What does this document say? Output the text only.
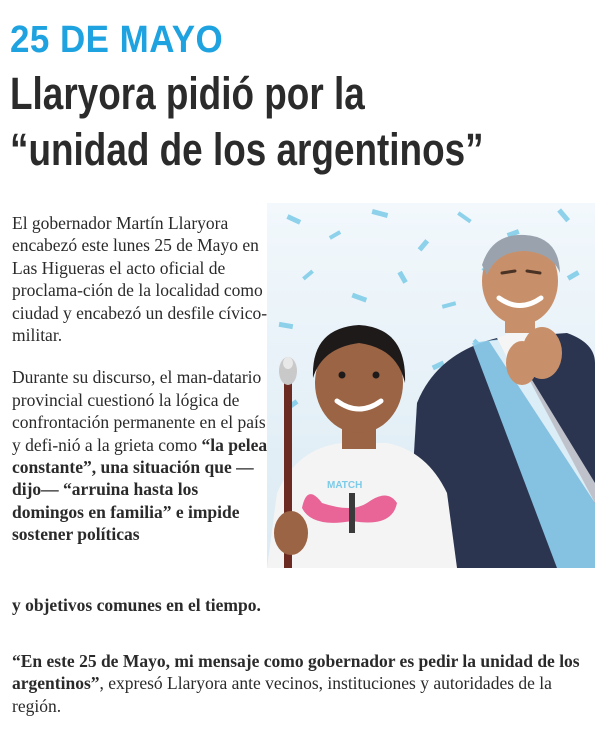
25 DE MAYO
Llaryora pidió por la
“unidad de los argentinos”

El gobernador Martín Llaryora encabezó este lunes 25 de Mayo en Las Higueras el acto oficial de proclama-ción de la localidad como ciudad y encabezó un desfile cívico- militar.

Durante su discurso, el man-datario provincial cuestionó la lógica de confrontación permanente en el país y defi-nió a la grieta como “la pelea constante”, una situación que —dijo— “arruina hasta los domingos en familia” e impide sostener políticas

y objetivos comunes en el tiempo.
“En este 25 de Mayo, mi mensaje como gobernador es pedir la unidad de los argentinos”, expresó Llaryora ante vecinos, instituciones y autoridades de la región.
MATCH
